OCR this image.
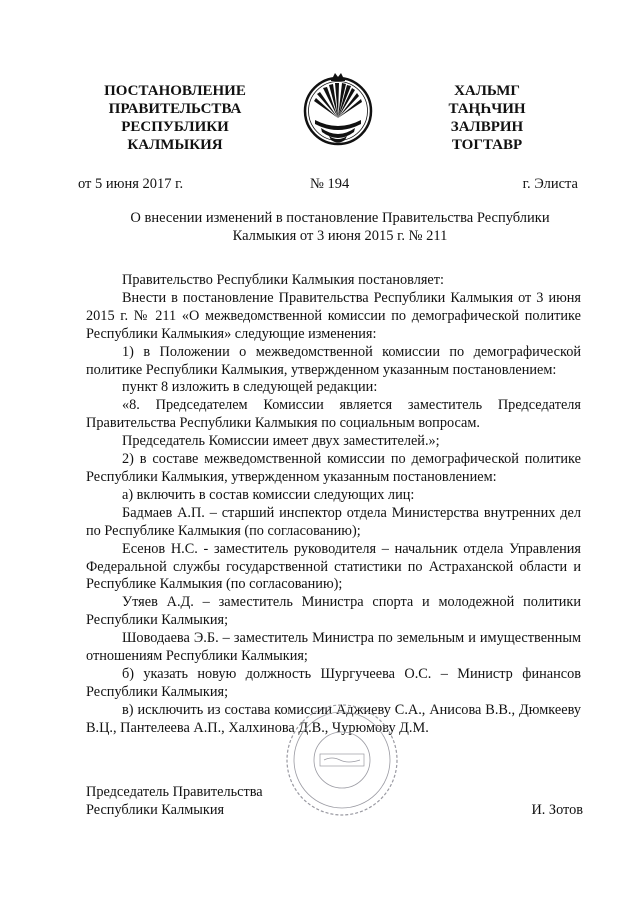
ПОСТАНОВЛЕНИЕ
ПРАВИТЕЛЬСТВА
РЕСПУБЛИКИ
КАЛМЫКИЯ
ХАЛЬМГ
ТАҢҺЧИН
ЗАЛВРИН
ТОГТАВР
от 5 июня 2017 г.	№ 194	г. Элиста
О внесении изменений в постановление Правительства Республики
Калмыкия от 3 июня 2015 г. № 211

Правительство Республики Калмыкия постановляет:

Внести в постановление Правительства Республики Калмыкия от 3 июня 2015 г. № 211 «О межведомственной комиссии по демографической политике Республики Калмыкия» следующие изменения:

1) в Положении о межведомственной комиссии по демографической политике Республики Калмыкия, утвержденном указанным постановлением:

пункт 8 изложить в следующей редакции:

«8. Председателем Комиссии является заместитель Председателя Правительства Республики Калмыкия по социальным вопросам.

Председатель Комиссии имеет двух заместителей.»;

2) в составе межведомственной комиссии по демографической политике Республики Калмыкия, утвержденном указанным постановлением:

а) включить в состав комиссии следующих лиц:

Бадмаев А.П. – старший инспектор отдела Министерства внутренних дел по Республике Калмыкия (по согласованию);

Есенов Н.С. - заместитель руководителя – начальник отдела Управления Федеральной службы государственной статистики по Астраханской области и Республике Калмыкия (по согласованию);

Утяев А.Д. – заместитель Министра спорта и молодежной политики Республики Калмыкия;

Шоводаева Э.Б. – заместитель Министра по земельным и имущественным отношениям Республики Калмыкия;

б) указать новую должность Шургучеева О.С. – Министр финансов Республики Калмыкия;

в) исключить из состава комиссии Аджиеву С.А., Анисова В.В., Дюмкееву В.Ц., Пантелеева А.П., Халхинова Д.В., Чурюмову Д.М.

Председатель Правительства
Республики Калмыкия	И. Зотов
